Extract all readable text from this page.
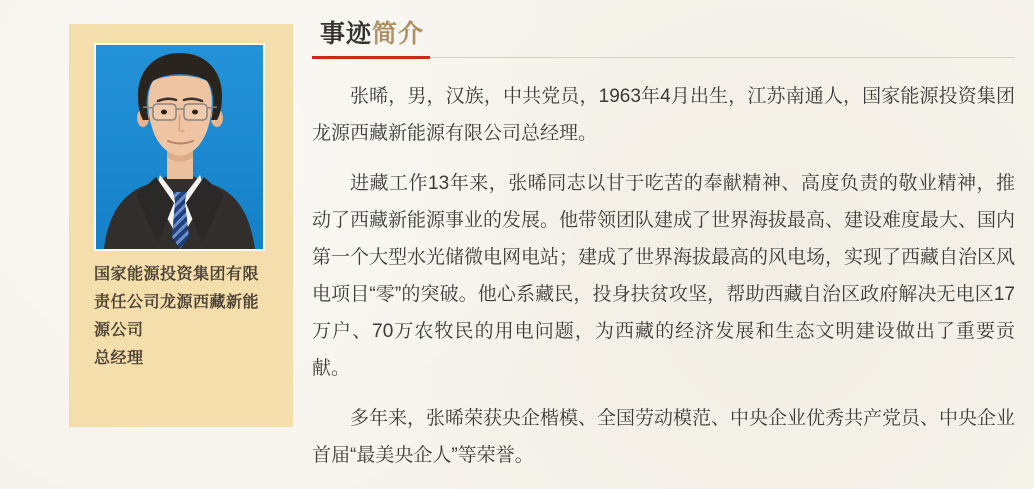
国家能源投资集团有限责任公司龙源西藏新能源公司

总经理

事迹简介

张晞，男，汉族，中共党员，1963年4月出生，江苏南通人，国家能源投资集团龙源西藏新能源有限公司总经理。

进藏工作13年来，张晞同志以甘于吃苦的奉献精神、高度负责的敬业精神，推动了西藏新能源事业的发展。他带领团队建成了世界海拔最高、建设难度最大、国内第一个大型水光储微电网电站；建成了世界海拔最高的风电场，实现了西藏自治区风电项目“零”的突破。他心系藏民，投身扶贫攻坚，帮助西藏自治区政府解决无电区17万户、70万农牧民的用电问题，为西藏的经济发展和生态文明建设做出了重要贡献。

多年来，张晞荣获央企楷模、全国劳动模范、中央企业优秀共产党员、中央企业首届“最美央企人”等荣誉。
